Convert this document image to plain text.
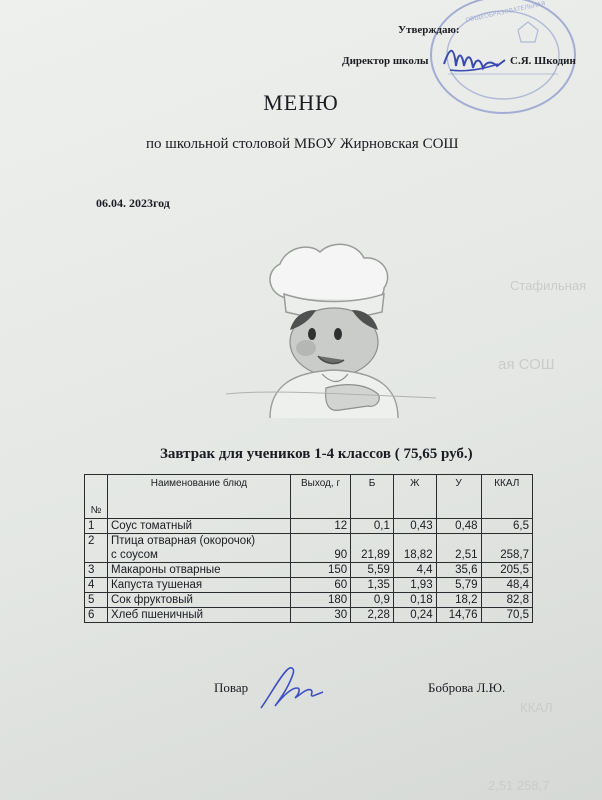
Стафильная
ая СОШ
ККАЛ
2,51 258,7
ОБЩЕОБРАЗОВАТЕЛЬНАЯ
Утверждаю:
Директор школы	С.Я. Шкодин
МЕНЮ
по школьной столовой МБОУ Жирновская СОШ
06.04. 2023год
Завтрак для учеников 1-4 классов ( 75,65 руб.)
№	Наименование блюд	Выход, г	Б	Ж	У	ККАЛ
1	Соус томатный	12	0,1	0,43	0,48	6,5
2	Птица отварная (окорочок)
с соусом	90	21,89	18,82	2,51	258,7
3	Макароны отварные	150	5,59	4,4	35,6	205,5
4	Капуста тушеная	60	1,35	1,93	5,79	48,4
5	Сок фруктовый	180	0,9	0,18	18,2	82,8
6	Хлеб пшеничный	30	2,28	0,24	14,76	70,5
Повар	Боброва Л.Ю.
